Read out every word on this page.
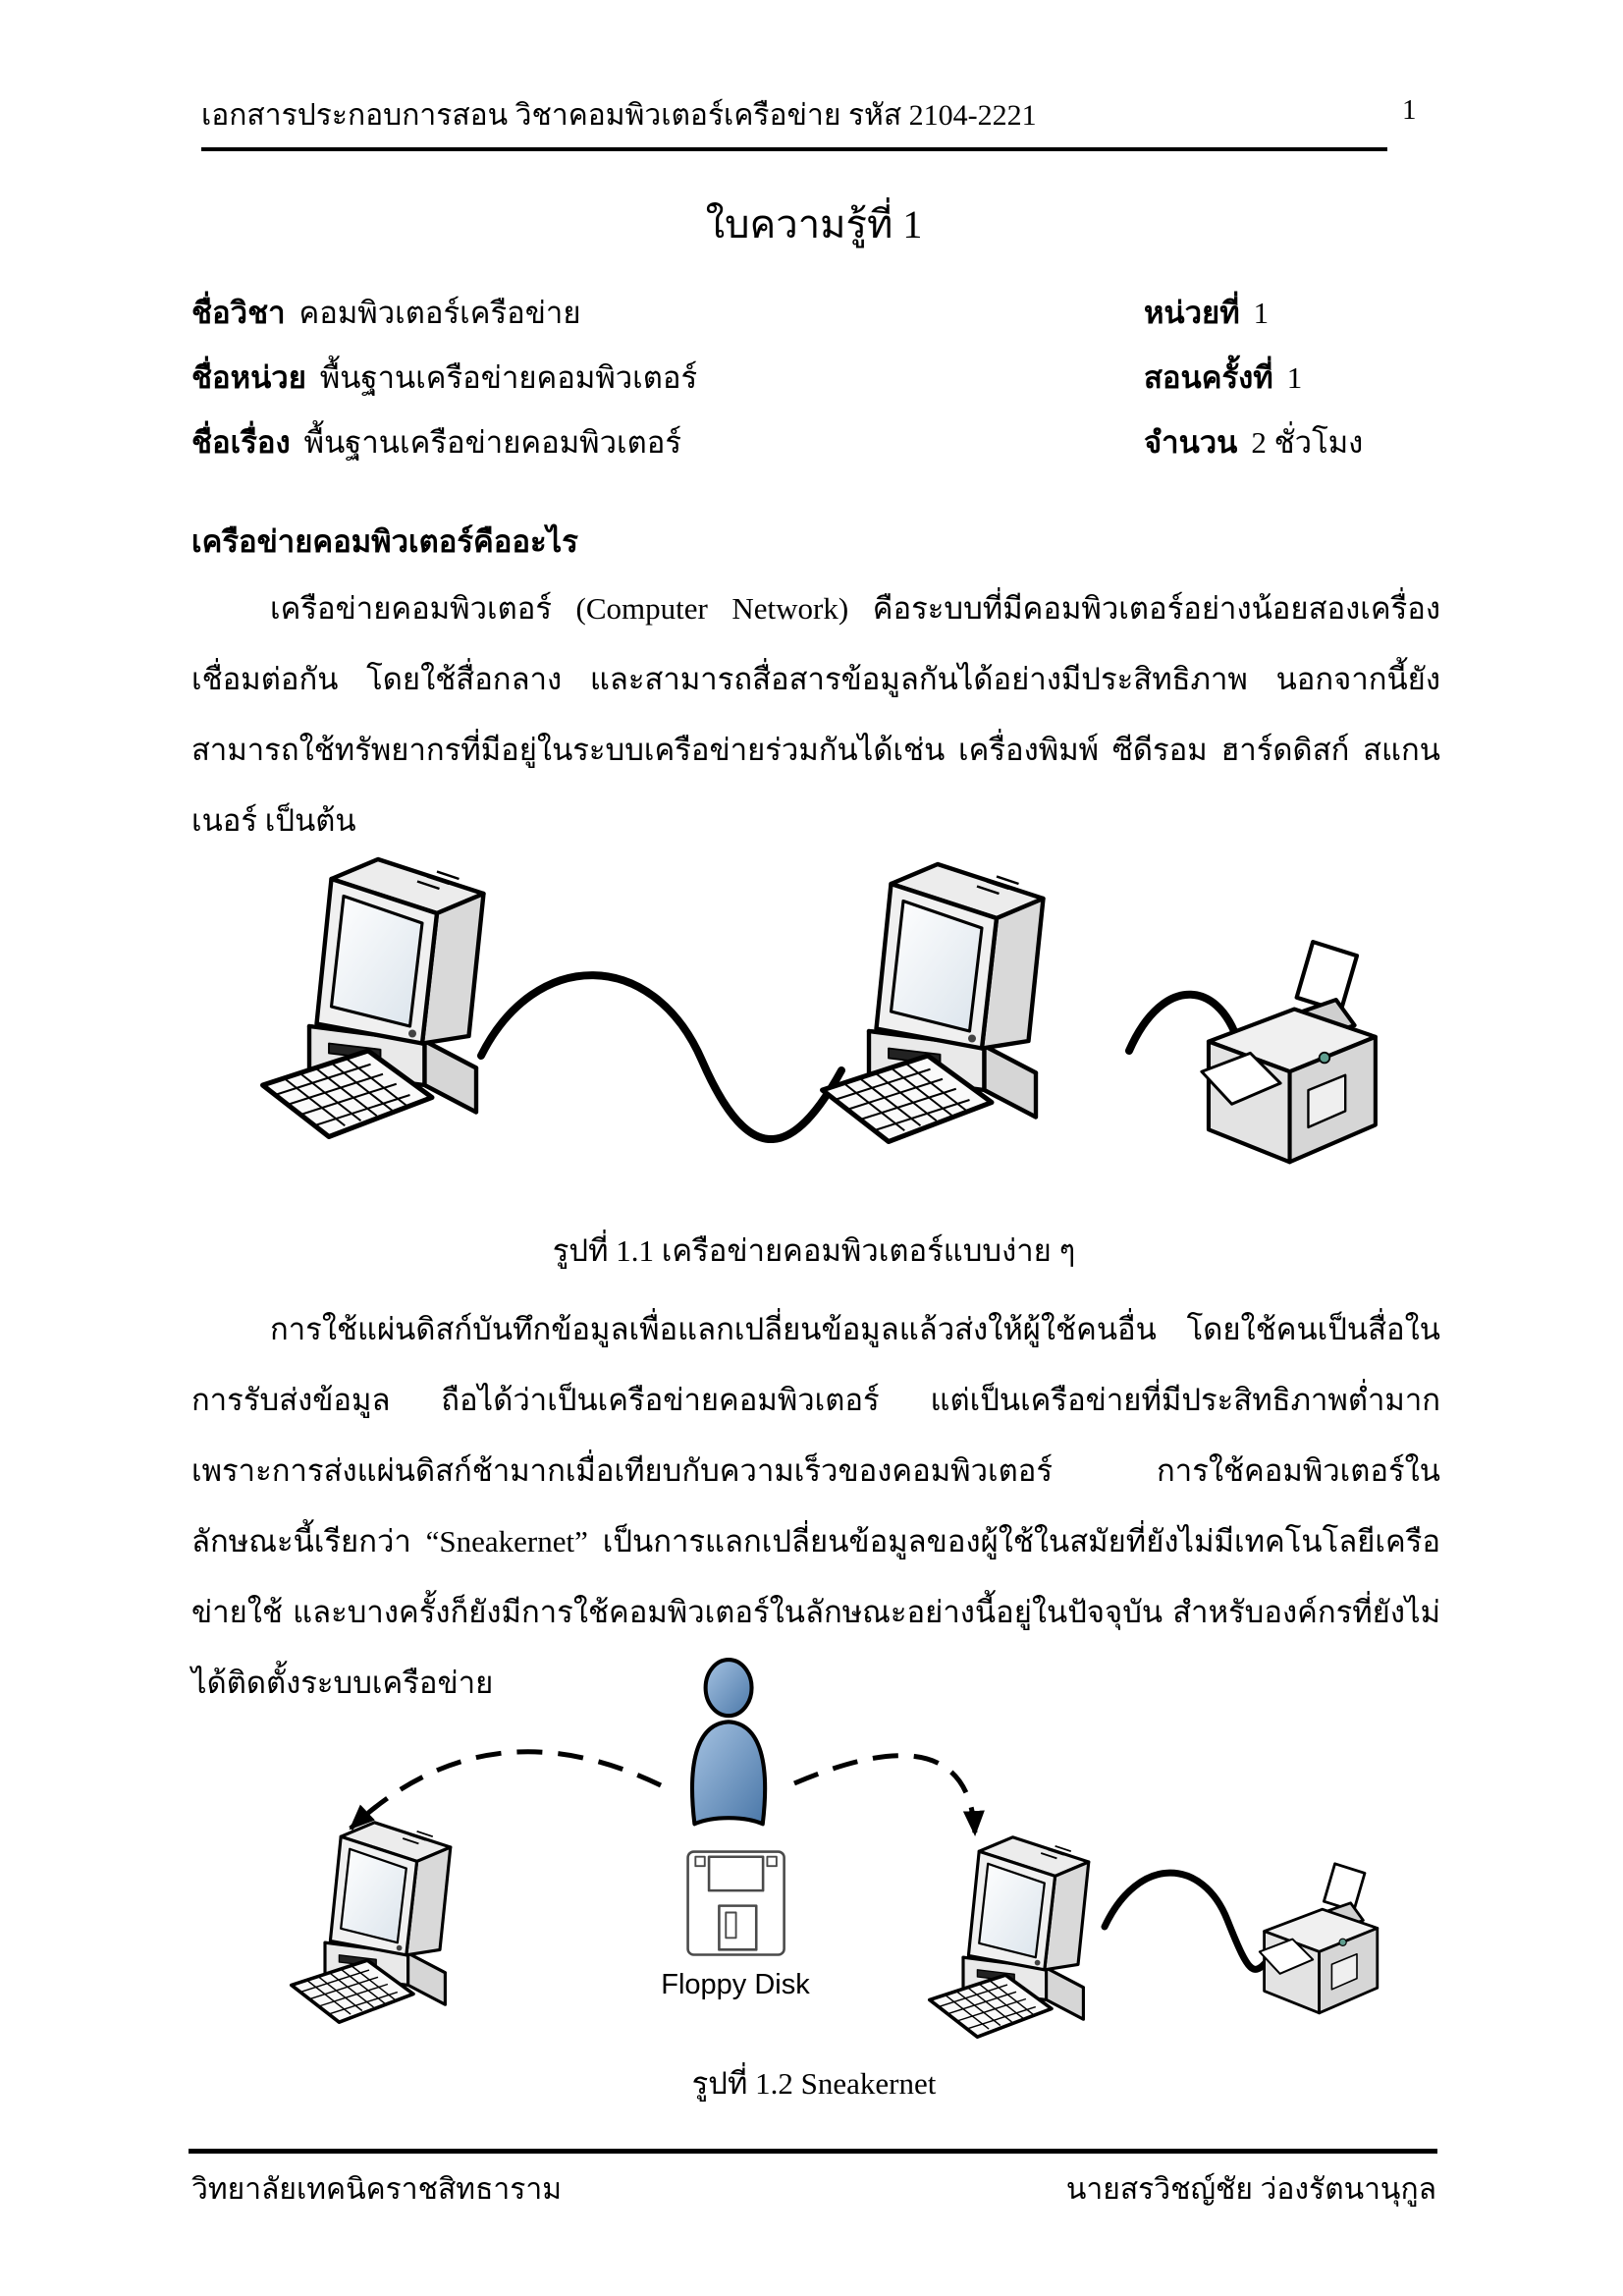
เอกสารประกอบการสอน วิชาคอมพิวเตอร์เครือข่าย รหัส 2104-2221	1
ใบความรู้ที่ 1
ชื่อวิชา คอมพิวเตอร์เครือข่าย	หน่วยที่ 1
ชื่อหน่วย พื้นฐานเครือข่ายคอมพิวเตอร์	สอนครั้งที่ 1
ชื่อเรื่อง พื้นฐานเครือข่ายคอมพิวเตอร์	จำนวน 2 ชั่วโมง
เครือข่ายคอมพิวเตอร์คืออะไร
เครือข่ายคอมพิวเตอร์ (Computer Network) คือระบบที่มีคอมพิวเตอร์อย่างน้อยสองเครื่องเชื่อมต่อกัน โดยใช้สื่อกลาง และสามารถสื่อสารข้อมูลกันได้อย่างมีประสิทธิภาพ นอกจากนี้ยังสามารถใช้ทรัพยากรที่มีอยู่ในระบบเครือข่ายร่วมกันได้เช่น เครื่องพิมพ์ ซีดีรอม ฮาร์ดดิสก์ สแกนเนอร์ เป็นต้น
รูปที่ 1.1 เครือข่ายคอมพิวเตอร์แบบง่าย ๆ
การใช้แผ่นดิสก์บันทึกข้อมูลเพื่อแลกเปลี่ยนข้อมูลแล้วส่งให้ผู้ใช้คนอื่น โดยใช้คนเป็นสื่อในการรับส่งข้อมูล ถือได้ว่าเป็นเครือข่ายคอมพิวเตอร์ แต่เป็นเครือข่ายที่มีประสิทธิภาพต่ำมาก เพราะการส่งแผ่นดิสก์ช้ามากเมื่อเทียบกับความเร็วของคอมพิวเตอร์ การใช้คอมพิวเตอร์ในลักษณะนี้เรียกว่า “Sneakernet” เป็นการแลกเปลี่ยนข้อมูลของผู้ใช้ในสมัยที่ยังไม่มีเทคโนโลยีเครือข่ายใช้ และบางครั้งก็ยังมีการใช้คอมพิวเตอร์ในลักษณะอย่างนี้อยู่ในปัจจุบัน สำหรับองค์กรที่ยังไม่ได้ติดตั้งระบบเครือข่าย
Floppy Disk
รูปที่ 1.2 Sneakernet
วิทยาลัยเทคนิคราชสิทธาราม	นายสรวิชญ์ชัย ว่องรัตนานุกูล
